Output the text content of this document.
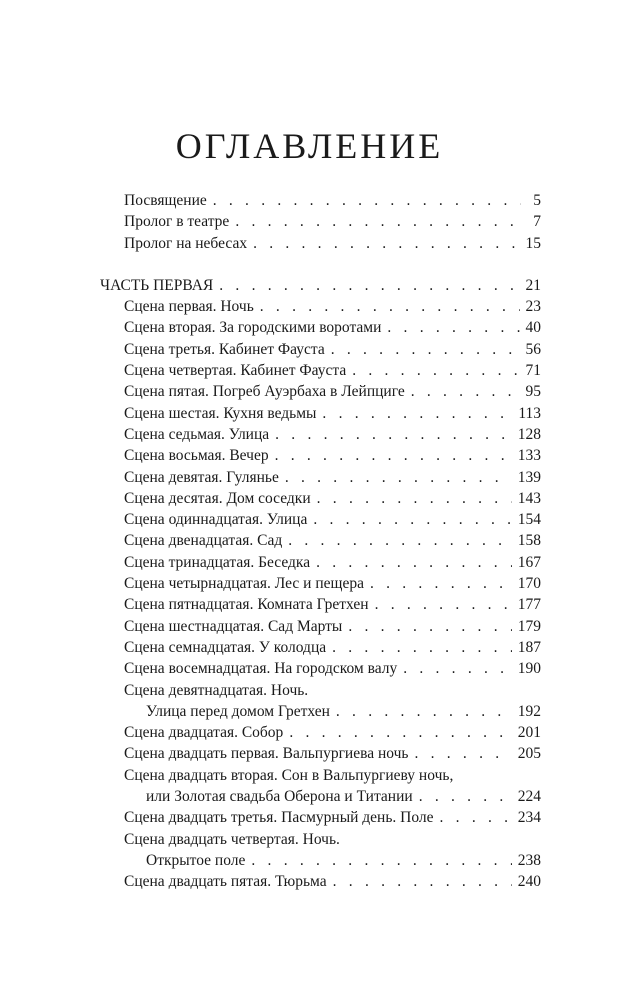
ОГЛАВЛЕНИЕ
Посвящение . . .	5
Пролог в театре . . .	7
Пролог на небесах . . .	15
ЧАСТЬ ПЕРВАЯ . . .	21
Сцена первая. Ночь . . .	23
Сцена вторая. За городскими воротами . . .	40
Сцена третья. Кабинет Фауста . . .	56
Сцена четвертая. Кабинет Фауста . . .	71
Сцена пятая. Погреб Ауэрбаха в Лейпциге . . .	95
Сцена шестая. Кухня ведьмы . . .	113
Сцена седьмая. Улица . . .	128
Сцена восьмая. Вечер . . .	133
Сцена девятая. Гулянье . . .	139
Сцена десятая. Дом соседки . . .	143
Сцена одиннадцатая. Улица . . .	154
Сцена двенадцатая. Сад . . .	158
Сцена тринадцатая. Беседка . . .	167
Сцена четырнадцатая. Лес и пещера . . .	170
Сцена пятнадцатая. Комната Гретхен . . .	177
Сцена шестнадцатая. Сад Марты . . .	179
Сцена семнадцатая. У колодца . . .	187
Сцена восемнадцатая. На городском валу . . .	190
Сцена девятнадцатая. Ночь.
Улица перед домом Гретхен . . .	192
Сцена двадцатая. Собор . . .	201
Сцена двадцать первая. Вальпургиева ночь . . .	205
Сцена двадцать вторая. Сон в Вальпургиеву ночь,
или Золотая свадьба Оберона и Титании . . .	224
Сцена двадцать третья. Пасмурный день. Поле . . .	234
Сцена двадцать четвертая. Ночь.
Открытое поле . . .	238
Сцена двадцать пятая. Тюрьма . . .	240
